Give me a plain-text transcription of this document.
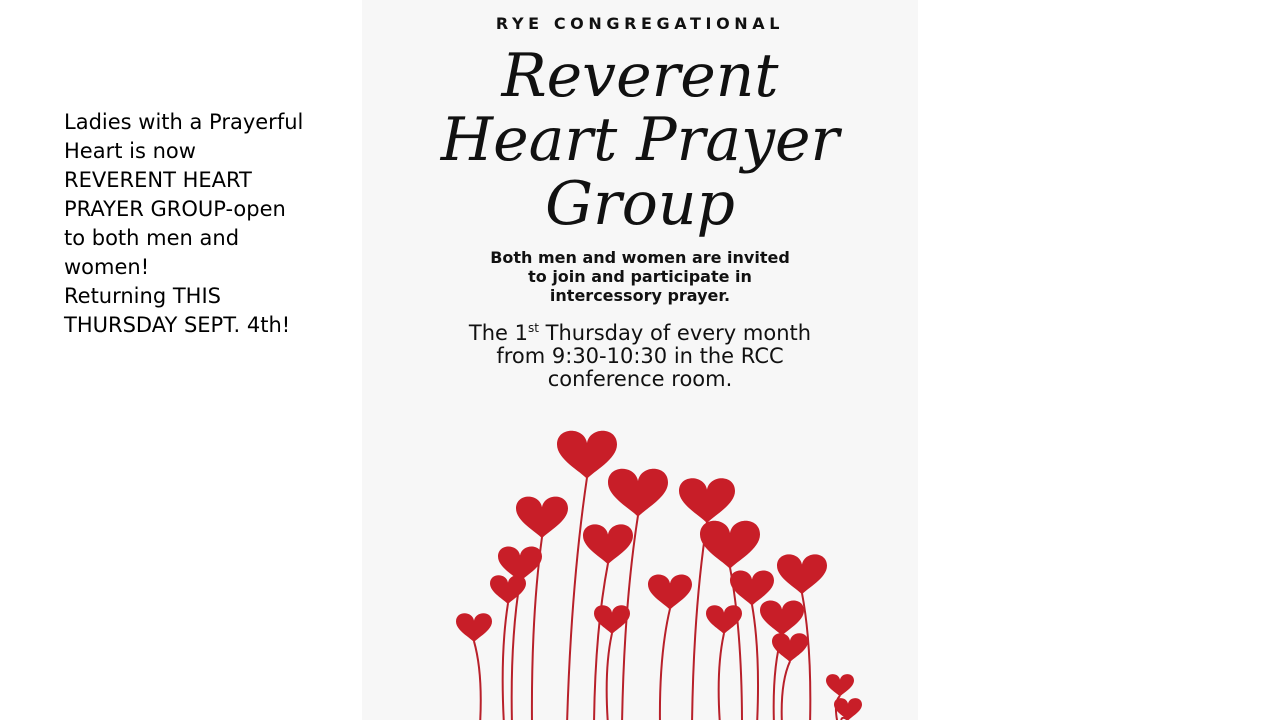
Ladies with a Prayerful
Heart is now
REVERENT HEART
PRAYER GROUP-open
to both men and
women!
Returning THIS
THURSDAY SEPT. 4th!
RYE CONGREGATIONAL
Reverent
Heart Prayer
Group
Both men and women are invited
to join and participate in
intercessory prayer.
The 1st Thursday of every month
from 9:30-10:30 in the RCC
conference room.
